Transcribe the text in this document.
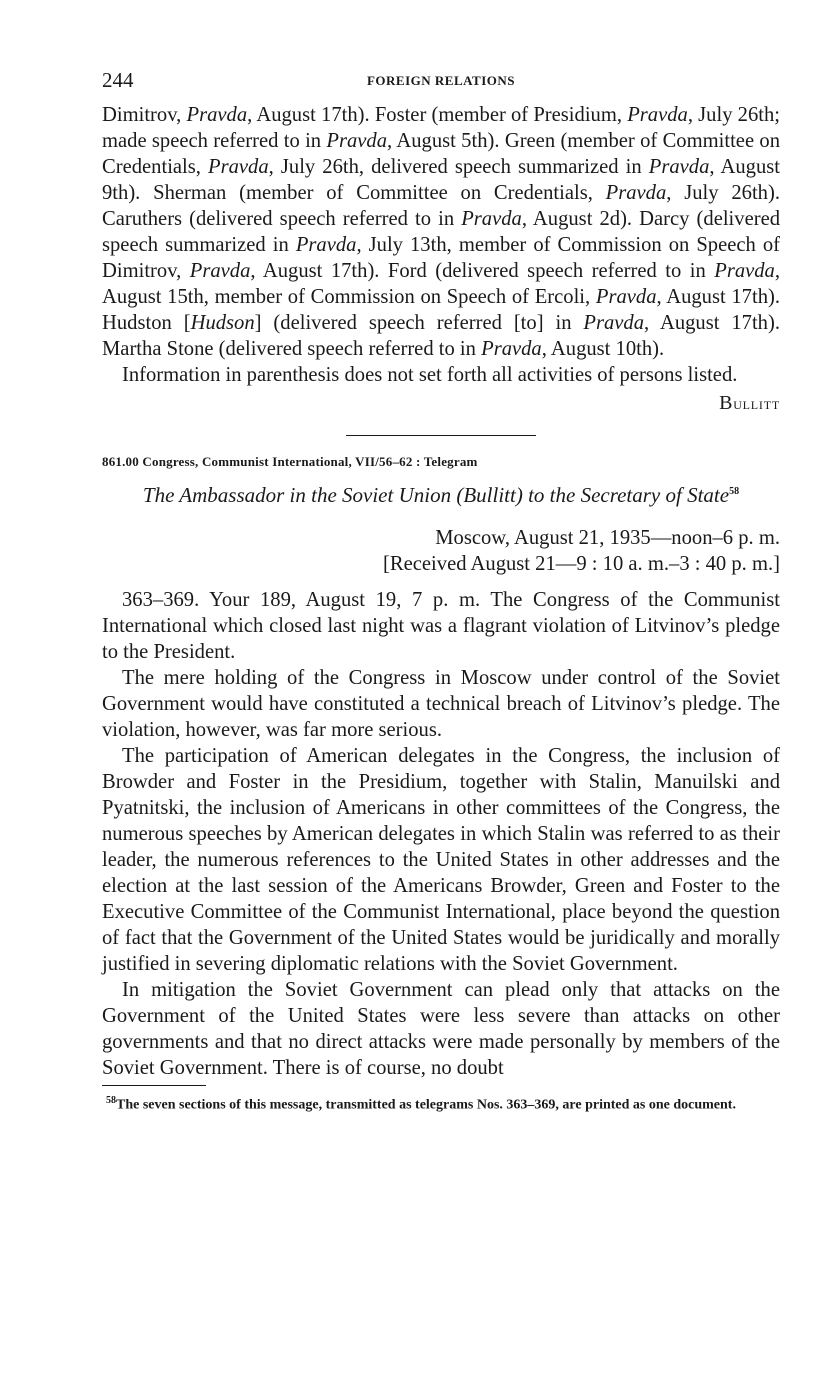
244	FOREIGN RELATIONS

Dimitrov, Pravda, August 17th). Foster (member of Presidium, Pravda, July 26th; made speech referred to in Pravda, August 5th). Green (member of Committee on Credentials, Pravda, July 26th, delivered speech summarized in Pravda, August 9th). Sherman (member of Committee on Credentials, Pravda, July 26th). Caruthers (delivered speech referred to in Pravda, August 2d). Darcy (delivered speech summarized in Pravda, July 13th, member of Commission on Speech of Dimitrov, Pravda, August 17th). Ford (delivered speech referred to in Pravda, August 15th, member of Commission on Speech of Ercoli, Pravda, August 17th). Hudston [Hudson] (delivered speech referred [to] in Pravda, August 17th). Martha Stone (delivered speech referred to in Pravda, August 10th).

Information in parenthesis does not set forth all activities of persons listed.

Bullitt
861.00 Congress, Communist International, VII/56–62 : Telegram
The Ambassador in the Soviet Union (Bullitt) to the Secretary of State$^{58}$
Moscow, August 21, 1935—noon–6 p. m.
[Received August 21—9 : 10 a. m.–3 : 40 p. m.]

363–369. Your 189, August 19, 7 p. m. The Congress of the Communist International which closed last night was a flagrant violation of Litvinov’s pledge to the President.

The mere holding of the Congress in Moscow under control of the Soviet Government would have constituted a technical breach of Litvinov’s pledge. The violation, however, was far more serious.

The participation of American delegates in the Congress, the inclusion of Browder and Foster in the Presidium, together with Stalin, Manuilski and Pyatnitski, the inclusion of Americans in other committees of the Congress, the numerous speeches by American delegates in which Stalin was referred to as their leader, the numerous references to the United States in other addresses and the election at the last session of the Americans Browder, Green and Foster to the Executive Committee of the Communist International, place beyond the question of fact that the Government of the United States would be juridically and morally justified in severing diplomatic relations with the Soviet Government.

In mitigation the Soviet Government can plead only that attacks on the Government of the United States were less severe than attacks on other governments and that no direct attacks were made personally by members of the Soviet Government. There is of course, no doubt

$^{58}$The seven sections of this message, transmitted as telegrams Nos. 363–369, are printed as one document.
